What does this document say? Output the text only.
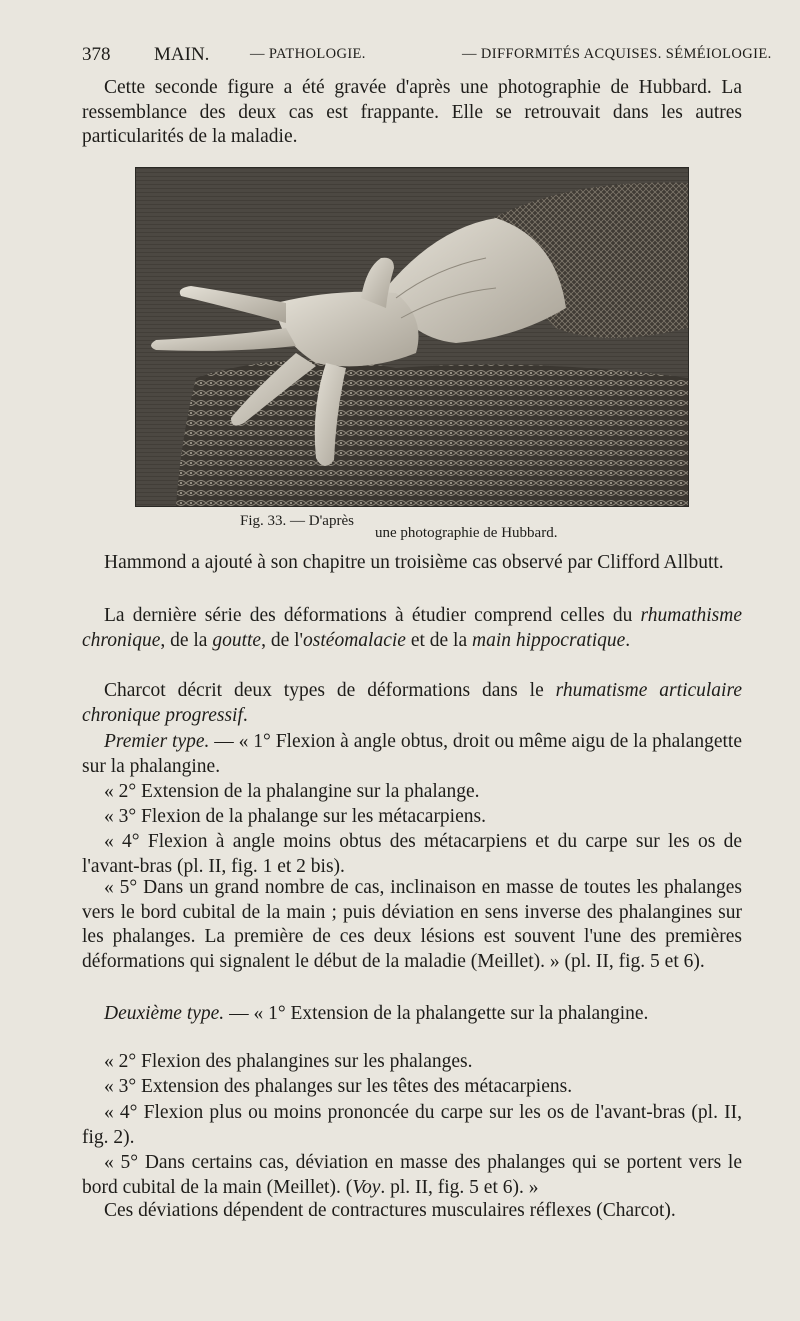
378 MAIN.	— PATHOLOGIE.	— DIFFORMITÉS ACQUISES. SÉMÉIOLOGIE.

Cette seconde figure a été gravée d'après une photographie de Hubbard. La ressemblance des deux cas est frappante. Elle se retrouvait dans les autres particularités de la maladie.

Fig. 33. — D'après
une photographie de Hubbard.

Hammond a ajouté à son chapitre un troisième cas observé par Clifford Allbutt.

La dernière série des déformations à étudier comprend celles du rhumathisme chronique, de la goutte, de l'ostéomalacie et de la main hippocratique.

Charcot décrit deux types de déformations dans le rhumatisme articulaire chronique progressif.

Premier type. — « 1° Flexion à angle obtus, droit ou même aigu de la phalangette sur la phalangine.

« 2° Extension de la phalangine sur la phalange.

« 3° Flexion de la phalange sur les métacarpiens.

« 4° Flexion à angle moins obtus des métacarpiens et du carpe sur les os de l'avant-bras (pl. II, fig. 1 et 2 bis).

« 5° Dans un grand nombre de cas, inclinaison en masse de toutes les phalanges vers le bord cubital de la main ; puis déviation en sens inverse des phalangines sur les phalanges. La première de ces deux lésions est souvent l'une des premières déformations qui signalent le début de la maladie (Meillet). » (pl. II, fig. 5 et 6).

Deuxième type. — « 1° Extension de la phalangette sur la phalangine.

« 2° Flexion des phalangines sur les phalanges.

« 3° Extension des phalanges sur les têtes des métacarpiens.

« 4° Flexion plus ou moins prononcée du carpe sur les os de l'avant-bras (pl. II, fig. 2).

« 5° Dans certains cas, déviation en masse des phalanges qui se portent vers le bord cubital de la main (Meillet). (Voy. pl. II, fig. 5 et 6). »

Ces déviations dépendent de contractures musculaires réflexes (Charcot).
